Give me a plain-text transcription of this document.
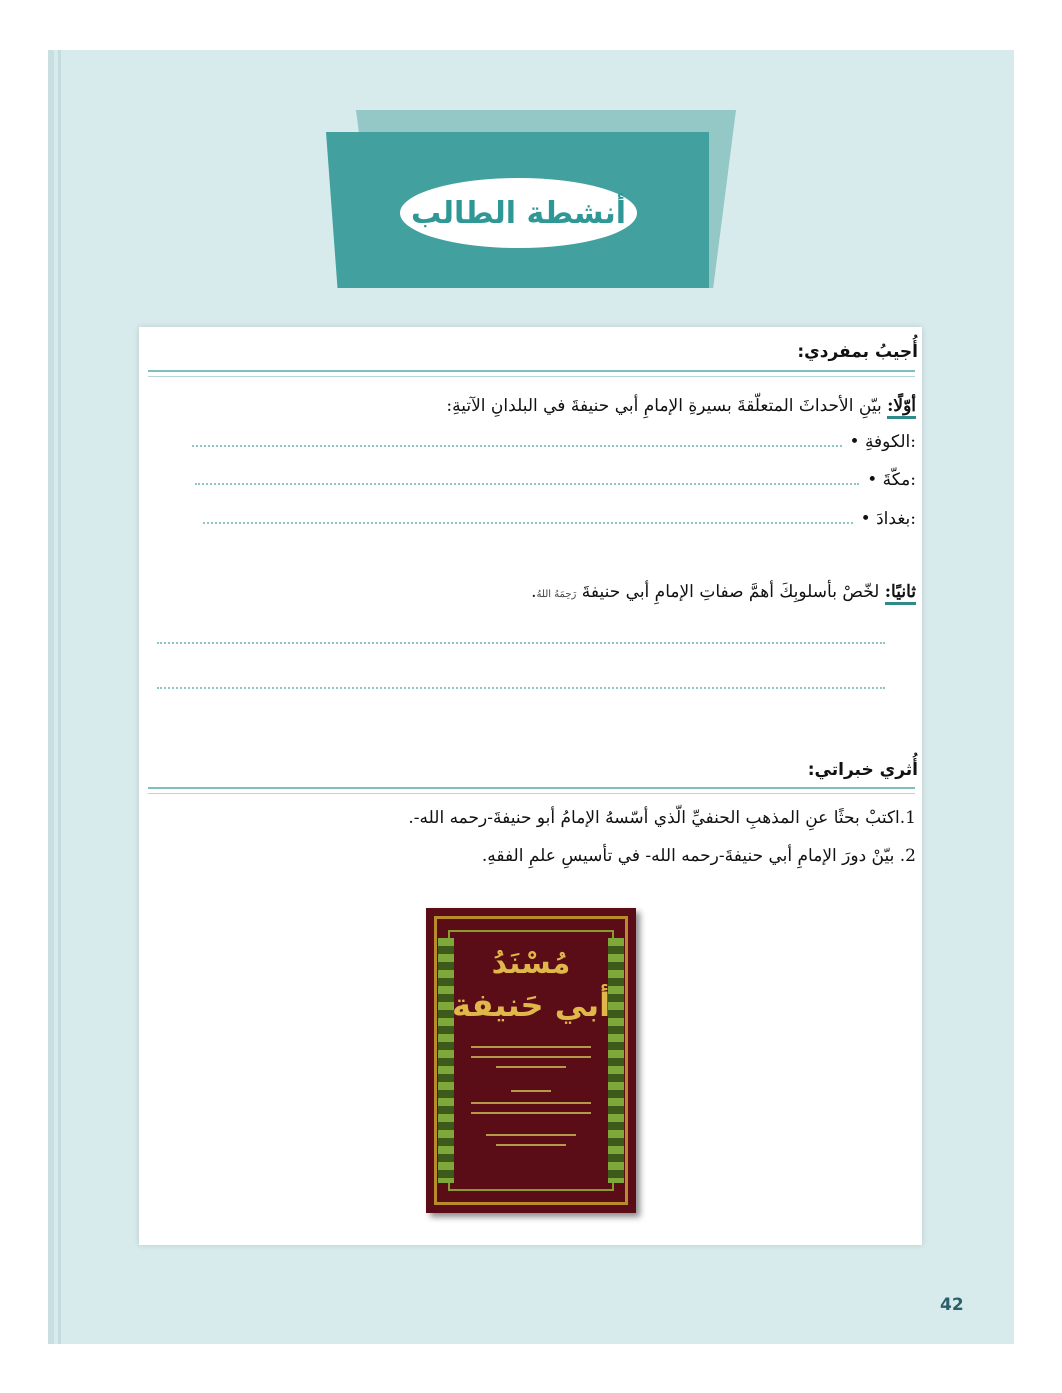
أنشطة الطالب
أُجيبُ بمفردي:
أوّلًا: بيّنِ الأحداثَ المتعلّقةَ بسيرةِ الإمامِ أبي حنيفةَ في البلدانِ الآتيةِ:
• الكوفةِ:
• مكّةَ:
• بغدادَ:
ثانيًا: لخّصْ بأسلوبِكَ أهمَّ صفاتِ الإمامِ أبي حنيفةَ رَحِمَهُ اللهُ.
أُثري خبراتي:
1.اكتبْ بحثًا عنِ المذهبِ الحنفيِّ الّذي أسّسهُ الإمامُ أبو حنيفةَ-رحمه الله-.
2. بيّنْ دورَ الإمامِ أبي حنيفةَ-رحمه الله- في تأسيسِ علمِ الفقهِ.
مُسْنَدُ
أبي حَنيفة
42
